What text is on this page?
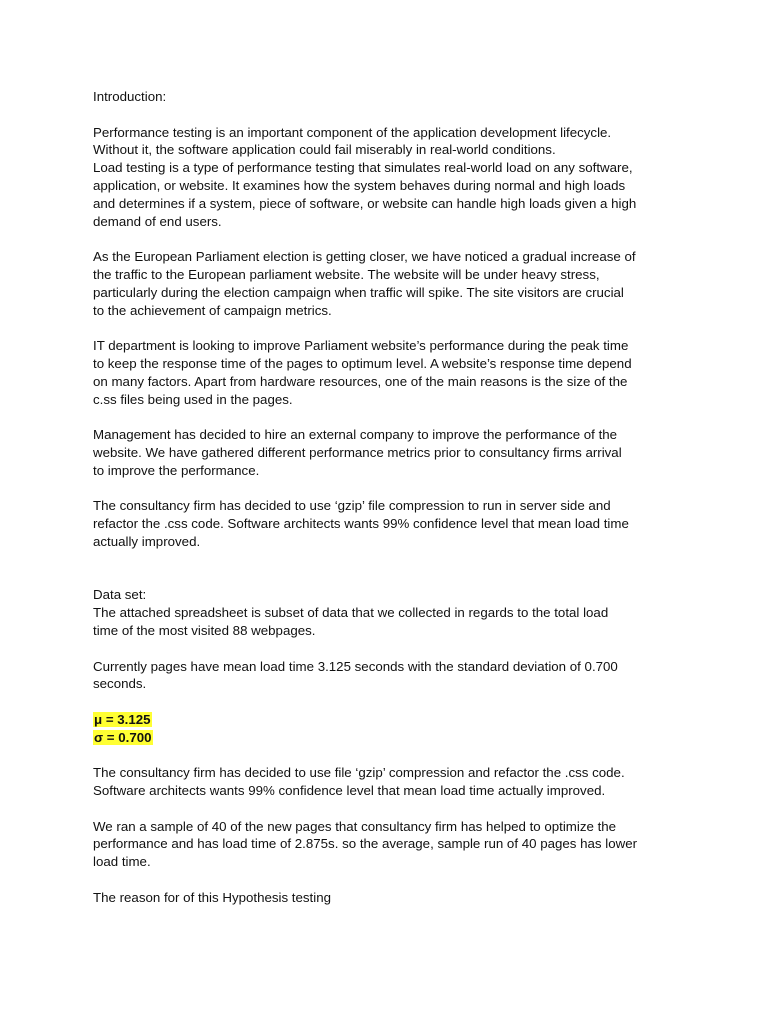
Introduction:
Performance testing is an important component of the application development lifecycle.
Without it, the software application could fail miserably in real-world conditions.
Load testing is a type of performance testing that simulates real-world load on any software,
application, or website. It examines how the system behaves during normal and high loads
and determines if a system, piece of software, or website can handle high loads given a high
demand of end users.
As the European Parliament election is getting closer, we have noticed a gradual increase of
the traffic to the European parliament website. The website will be under heavy stress,
particularly during the election campaign when traffic will spike. The site visitors are crucial
to the achievement of campaign metrics.
IT department is looking to improve Parliament website’s performance during the peak time
to keep the response time of the pages to optimum level. A website’s response time depend
on many factors. Apart from hardware resources, one of the main reasons is the size of the
c.ss files being used in the pages.
Management has decided to hire an external company to improve the performance of the
website. We have gathered different performance metrics prior to consultancy firms arrival
to improve the performance.
The consultancy firm has decided to use ‘gzip’ file compression to run in server side and
refactor the .css code. Software architects wants 99% confidence level that mean load time
actually improved.
Data set:
The attached spreadsheet is subset of data that we collected in regards to the total load
time of the most visited 88 webpages.
Currently pages have mean load time 3.125 seconds with the standard deviation of 0.700
seconds.
μ = 3.125
σ = 0.700
The consultancy firm has decided to use file ‘gzip’ compression and refactor the .css code.
Software architects wants 99% confidence level that mean load time actually improved.
We ran a sample of 40 of the new pages that consultancy firm has helped to optimize the
performance and has load time of 2.875s. so the average, sample run of 40 pages has lower
load time.
The reason for of this Hypothesis testing
